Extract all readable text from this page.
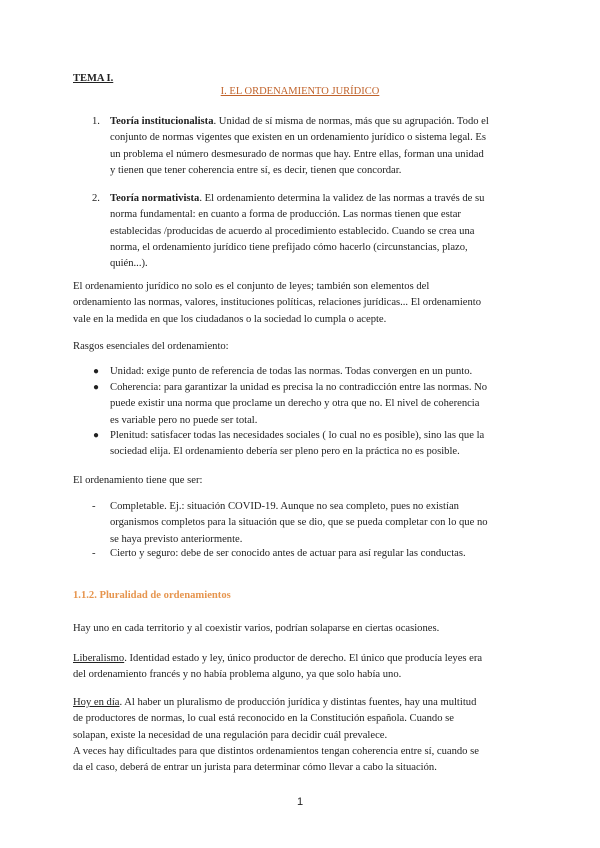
TEMA I.
I. EL ORDENAMIENTO JURÍDICO
1. Teoría institucionalista. Unidad de sí misma de normas, más que su agrupación. Todo el
conjunto de normas vigentes que existen en un ordenamiento jurídico o sistema legal. Es
un problema el número desmesurado de normas que hay. Entre ellas, forman una unidad
y tienen que tener coherencia entre sí, es decir, tienen que concordar.
2. Teoría normativista. El ordenamiento determina la validez de las normas a través de su
norma fundamental: en cuanto a forma de producción. Las normas tienen que estar
establecidas /producidas de acuerdo al procedimiento establecido. Cuando se crea una
norma, el ordenamiento jurídico tiene prefijado cómo hacerlo (circunstancias, plazo,
quién...).
El ordenamiento jurídico no solo es el conjunto de leyes; también son elementos del
ordenamiento las normas, valores, instituciones políticas, relaciones jurídicas... El ordenamiento
vale en la medida en que los ciudadanos o la sociedad lo cumpla o acepte.
Rasgos esenciales del ordenamiento:
● Unidad: exige punto de referencia de todas las normas. Todas convergen en un punto.
● Coherencia: para garantizar la unidad es precisa la no contradicción entre las normas. No
puede existir una norma que proclame un derecho y otra que no. El nivel de coherencia
es variable pero no puede ser total.
● Plenitud: satisfacer todas las necesidades sociales ( lo cual no es posible), sino las que la
sociedad elija. El ordenamiento debería ser pleno pero en la práctica no es posible.
El ordenamiento tiene que ser:
- Completable. Ej.: situación COVID-19. Aunque no sea completo, pues no existían
organismos completos para la situación que se dio, que se pueda completar con lo que no
se haya previsto anteriormente.
- Cierto y seguro: debe de ser conocido antes de actuar para así regular las conductas.
1.1.2. Pluralidad de ordenamientos
Hay uno en cada territorio y al coexistir varios, podrían solaparse en ciertas ocasiones.
Liberalismo. Identidad estado y ley, único productor de derecho. El único que producía leyes era
del ordenamiento francés y no había problema alguno, ya que solo había uno.
Hoy en día. Al haber un pluralismo de producción jurídica y distintas fuentes, hay una multitud
de productores de normas, lo cual está reconocido en la Constitución española. Cuando se
solapan, existe la necesidad de una regulación para decidir cuál prevalece.
A veces hay dificultades para que distintos ordenamientos tengan coherencia entre sí, cuando se
da el caso, deberá de entrar un jurista para determinar cómo llevar a cabo la situación.
1
